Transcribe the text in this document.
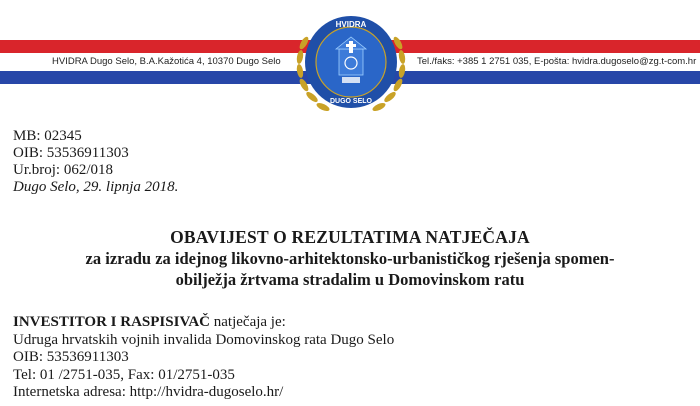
HVIDRA Dugo Selo, B.A.Kažotića 4, 10370 Dugo Selo	Tel./faks: +385 1 2751 035, E-pošta: hvidra.dugoselo@zg.t-com.hr
HVIDRA
DUGO SELO
MB: 02345
OIB: 53536911303
Ur.broj: 062/018
Dugo Selo, 29. lipnja 2018.
OBAVIJEST O REZULTATIMA NATJEČAJA
za izradu za idejnog likovno-arhitektonsko-urbanističkog rješenja spomen-
obilježja žrtvama stradalim u Domovinskom ratu
INVESTITOR I RASPISIVAČ natječaja je:
Udruga hrvatskih vojnih invalida Domovinskog rata Dugo Selo
OIB: 53536911303
Tel: 01 /2751-035, Fax: 01/2751-035
Internetska adresa: http://hvidra-dugoselo.hr/
